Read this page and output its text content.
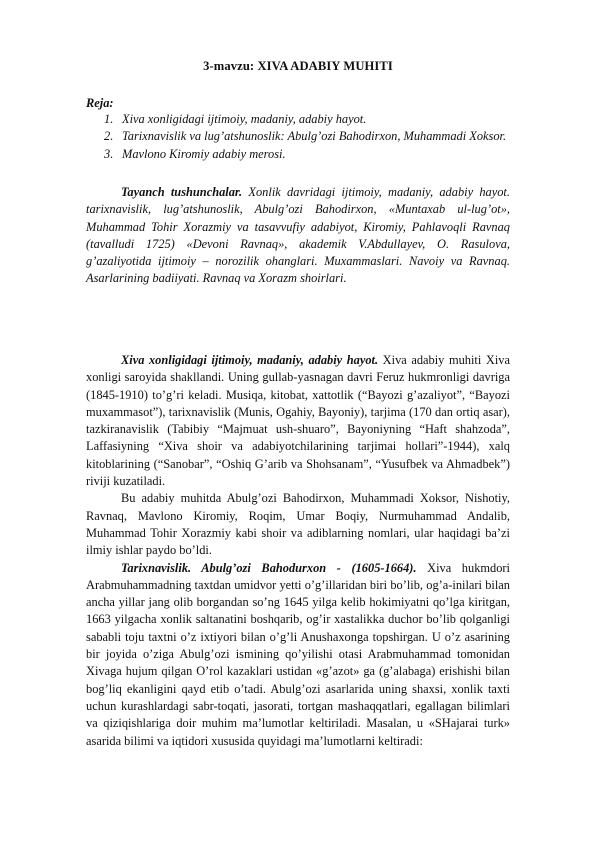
3-mavzu: XIVA ADABIY MUHITI
Reja:
1. Xiva xonligidagi ijtimoiy, madaniy, adabiy hayot.
2. Tarixnavislik va lug’atshunoslik: Abulg’ozi Bahodirxon, Muhammadi Xoksor.
3. Mavlono Kiromiy adabiy merosi.

Tayanch tushunchalar. Xonlik davridagi ijtimoiy, madaniy, adabiy hayot. tarixnavislik, lug’atshunoslik, Abulg’ozi Bahodirxon, «Muntaxab ul-lug’ot», Muhammad Tohir Xorazmiy va tasavvufiy adabiyot, Kiromiy, Pahlavoqli Ravnaq (tavalludi 1725) «Devoni Ravnaq», akademik V.Abdullayev, O. Rasulova, g’azaliyotida ijtimoiy – norozilik ohanglari. Muxammaslari. Navoiy va Ravnaq. Asarlarining badiiyati. Ravnaq va Xorazm shoirlari.

Xiva xonligidagi ijtimoiy, madaniy, adabiy hayot. Xiva adabiy muhiti Xiva xonligi saroyida shakllandi. Uning gullab-yasnagan davri Feruz hukmronligi davriga (1845-1910) to’g’ri keladi. Musiqa, kitobat, xattotlik (“Bayozi g’azaliyot”, “Bayozi muxammasot”), tarixnavislik (Munis, Ogahiy, Bayoniy), tarjima (170 dan ortiq asar), tazkiranavislik (Tabibiy “Majmuat ush-shuaro”, Bayoniyning “Haft shahzoda”, Laffasiyning “Xiva shoir va adabiyotchilarining tarjimai hollari”-1944), xalq kitoblarining (“Sanobar”, “Oshiq G’arib va Shohsanam”, “Yusufbek va Ahmadbek”) riviji kuzatiladi.

Bu adabiy muhitda Abulg’ozi Bahodirxon, Muhammadi Xoksor, Nishotiy, Ravnaq, Mavlono Kiromiy, Roqim, Umar Boqiy, Nurmuhammad Andalib, Muhammad Tohir Xorazmiy kabi shoir va adiblarning nomlari, ular haqidagi ba’zi ilmiy ishlar paydo bo’ldi.

Tarixnavislik. Abulg’ozi Bahodurxon - (1605-1664). Xiva hukmdori Arabmuhammadning taxtdan umidvor yetti o’g’illaridan biri bo’lib, og’a-inilari bilan ancha yillar jang olib borgandan so’ng 1645 yilga kelib hokimiyatni qo’lga kiritgan, 1663 yilgacha xonlik saltanatini boshqarib, og’ir xastalikka duchor bo’lib qolganligi sababli toju taxtni o’z ixtiyori bilan o’g’li Anushaxonga topshirgan. U o’z asarining bir joyida o’ziga Abulg’ozi ismining qo’yilishi otasi Arabmuhammad tomonidan Xivaga hujum qilgan O’rol kazaklari ustidan «g’azot» ga (g’alabaga) erishishi bilan bog’liq ekanligini qayd etib o’tadi. Abulg’ozi asarlarida uning shaxsi, xonlik taxti uchun kurashlardagi sabr-toqati, jasorati, tortgan mashaqqatlari, egallagan bilimlari va qiziqishlariga doir muhim ma’lumotlar keltiriladi. Masalan, u «SHajarai turk» asarida bilimi va iqtidori xususida quyidagi ma’lumotlarni keltiradi:
